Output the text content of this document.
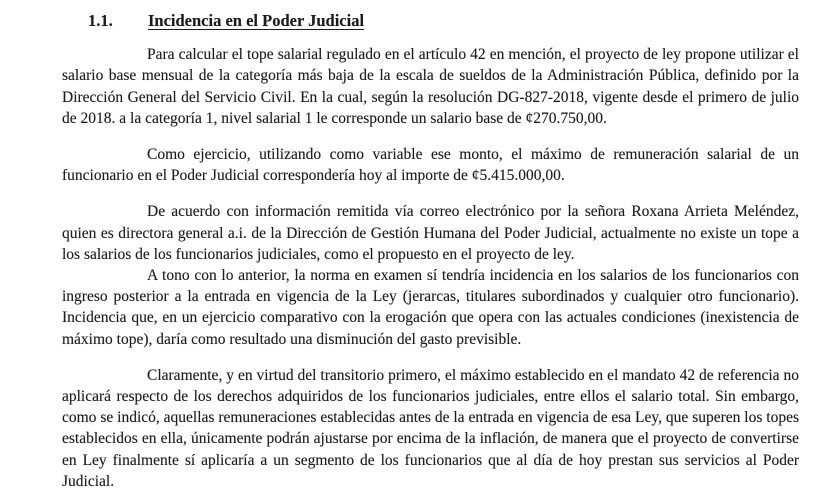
1.1. Incidencia en el Poder Judicial

Para calcular el tope salarial regulado en el artículo 42 en mención, el proyecto de ley propone utilizar el salario base mensual de la categoría más baja de la escala de sueldos de la Administración Pública, definido por la Dirección General del Servicio Civil. En la cual, según la resolución DG-827-2018, vigente desde el primero de julio de 2018. a la categoría 1, nivel salarial 1 le corresponde un salario base de ¢270.750,00.

Como ejercicio, utilizando como variable ese monto, el máximo de remuneración salarial de un funcionario en el Poder Judicial correspondería hoy al importe de ¢5.415.000,00.

De acuerdo con información remitida vía correo electrónico por la señora Roxana Arrieta Meléndez, quien es directora general a.i. de la Dirección de Gestión Humana del Poder Judicial, actualmente no existe un tope a los salarios de los funcionarios judiciales, como el propuesto en el proyecto de ley.

A tono con lo anterior, la norma en examen sí tendría incidencia en los salarios de los funcionarios con ingreso posterior a la entrada en vigencia de la Ley (jerarcas, titulares subordinados y cualquier otro funcionario). Incidencia que, en un ejercicio comparativo con la erogación que opera con las actuales condiciones (inexistencia de máximo tope), daría como resultado una disminución del gasto previsible.

Claramente, y en virtud del transitorio primero, el máximo establecido en el mandato 42 de referencia no aplicará respecto de los derechos adquiridos de los funcionarios judiciales, entre ellos el salario total. Sin embargo, como se indicó, aquellas remuneraciones establecidas antes de la entrada en vigencia de esa Ley, que superen los topes establecidos en ella, únicamente podrán ajustarse por encima de la inflación, de manera que el proyecto de convertirse en Ley finalmente sí aplicaría a un segmento de los funcionarios que al día de hoy prestan sus servicios al Poder Judicial.
